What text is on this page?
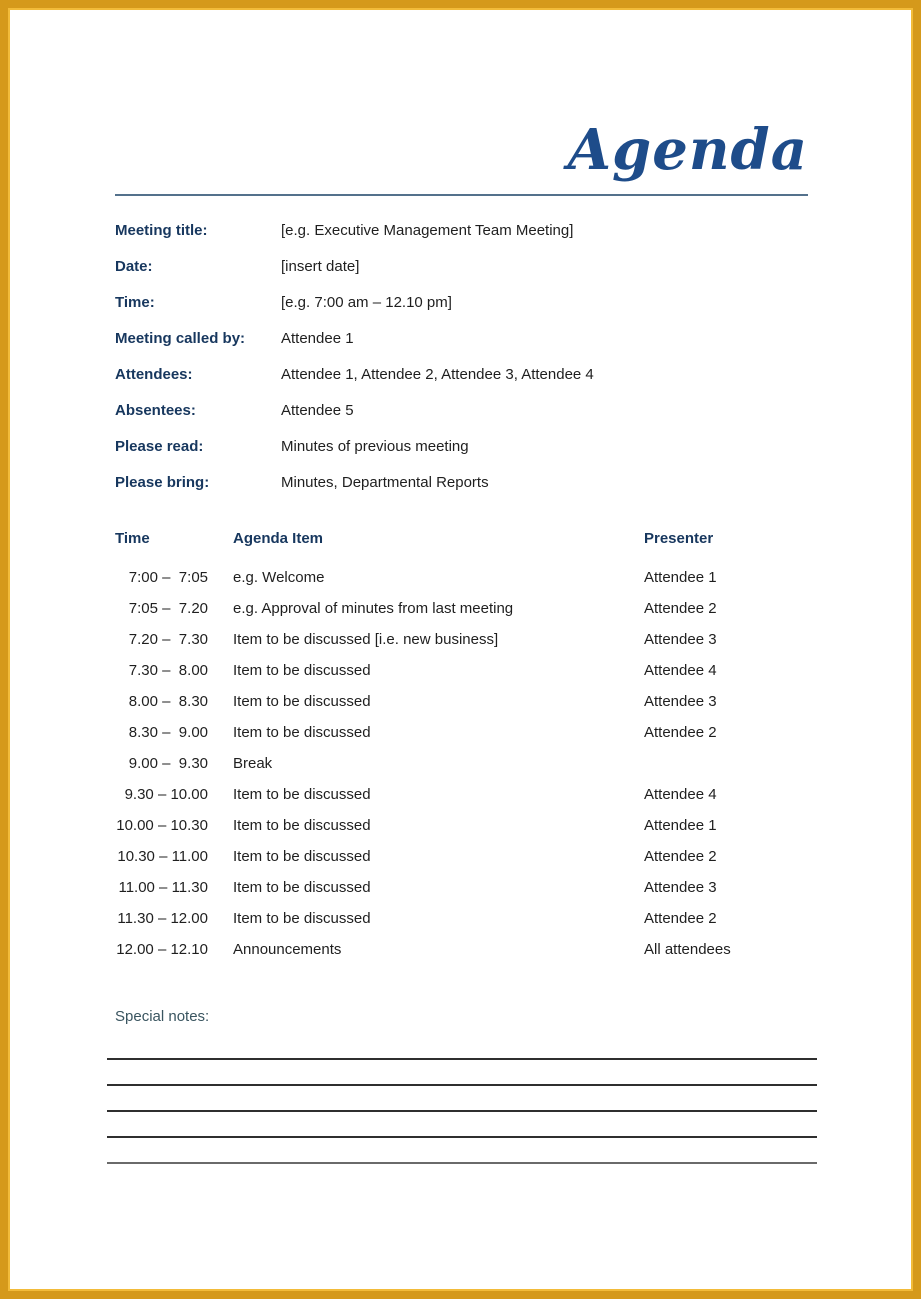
Agenda
Meeting title:	[e.g. Executive Management Team Meeting]
Date:	[insert date]
Time:	[e.g. 7:00 am – 12.10 pm]
Meeting called by:	Attendee 1
Attendees:	Attendee 1, Attendee 2, Attendee 3, Attendee 4
Absentees:	Attendee 5
Please read:	Minutes of previous meeting
Please bring:	Minutes, Departmental Reports
Time	Agenda Item	Presenter
7:00 –  7:05	e.g. Welcome	Attendee 1
7:05 –  7.20	e.g. Approval of minutes from last meeting	Attendee 2
7.20 –  7.30	Item to be discussed [i.e. new business]	Attendee 3
7.30 –  8.00	Item to be discussed	Attendee 4
8.00 –  8.30	Item to be discussed	Attendee 3
8.30 –  9.00	Item to be discussed	Attendee 2
9.00 –  9.30	Break
9.30 – 10.00	Item to be discussed	Attendee 4
10.00 – 10.30	Item to be discussed	Attendee 1
10.30 – 11.00	Item to be discussed	Attendee 2
11.00 – 11.30	Item to be discussed	Attendee 3
11.30 – 12.00	Item to be discussed	Attendee 2
12.00 – 12.10	Announcements	All attendees
Special notes:
